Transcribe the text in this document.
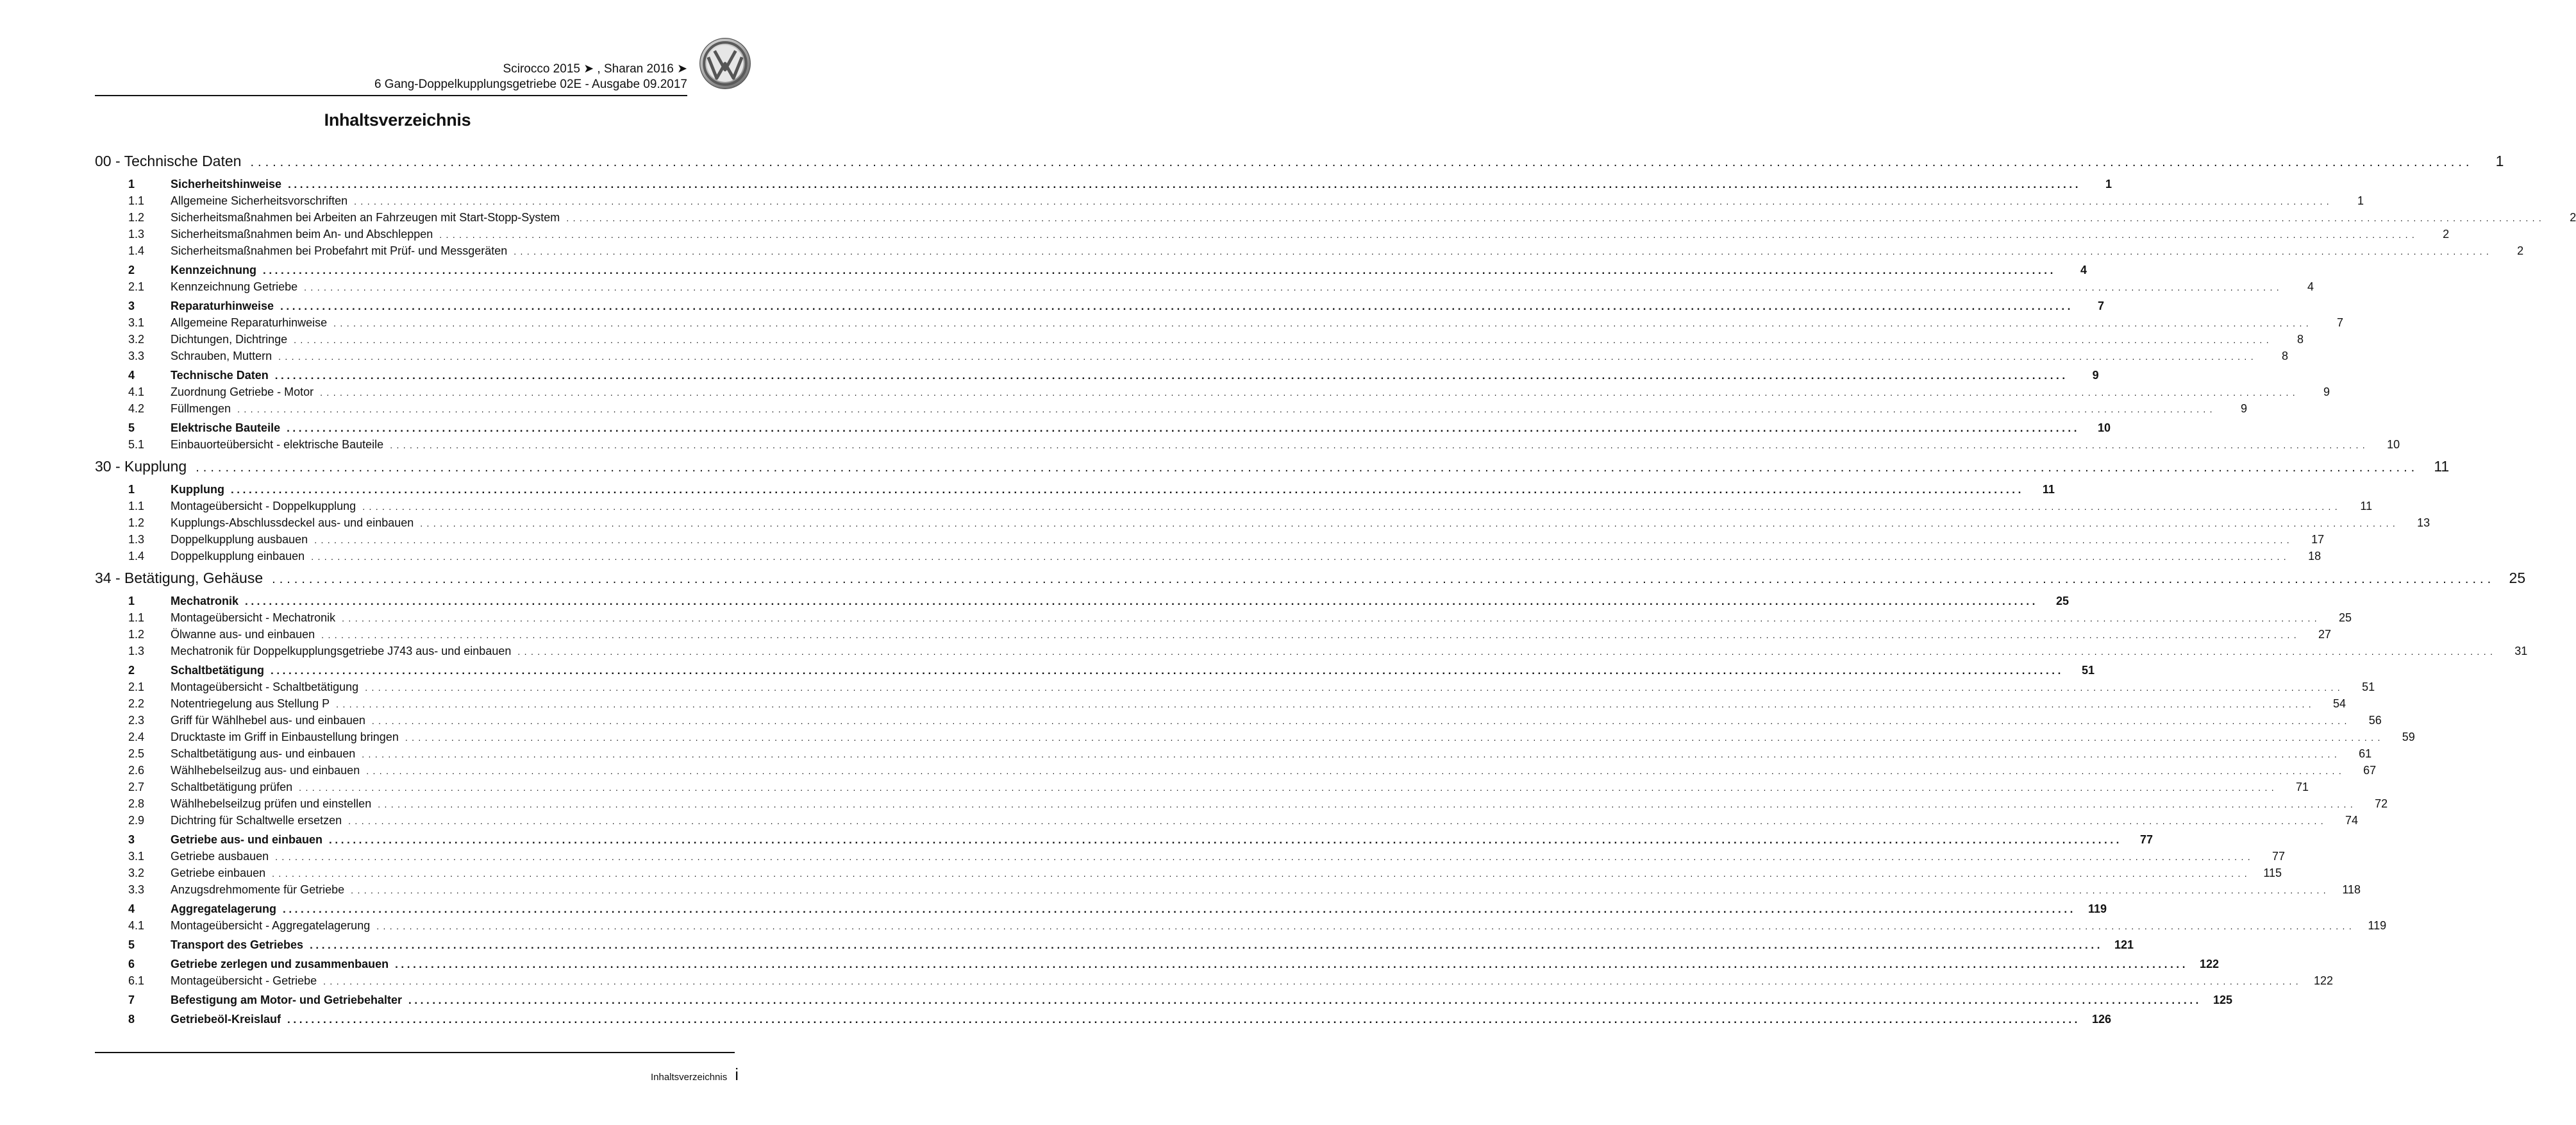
Scirocco 2015 ➤ , Sharan 2016 ➤
6 Gang-Doppelkupplungsgetriebe 02E - Ausgabe 09.2017
Inhaltsverzeichnis
00 - Technische Daten ............................................................................................................................................................................................................................................................................................................	1
1	Sicherheitshinweise ............................................................................................................................................................................................................................................................................................................	1
1.1	Allgemeine Sicherheitsvorschriften ............................................................................................................................................................................................................................................................................................................	1
1.2	Sicherheitsmaßnahmen bei Arbeiten an Fahrzeugen mit Start-Stopp-System ............................................................................................................................................................................................................................................................................................................	2
1.3	Sicherheitsmaßnahmen beim An- und Abschleppen ............................................................................................................................................................................................................................................................................................................	2
1.4	Sicherheitsmaßnahmen bei Probefahrt mit Prüf- und Messgeräten ............................................................................................................................................................................................................................................................................................................	2
2	Kennzeichnung ............................................................................................................................................................................................................................................................................................................	4
2.1	Kennzeichnung Getriebe ............................................................................................................................................................................................................................................................................................................	4
3	Reparaturhinweise ............................................................................................................................................................................................................................................................................................................	7
3.1	Allgemeine Reparaturhinweise ............................................................................................................................................................................................................................................................................................................	7
3.2	Dichtungen, Dichtringe ............................................................................................................................................................................................................................................................................................................	8
3.3	Schrauben, Muttern ............................................................................................................................................................................................................................................................................................................	8
4	Technische Daten ............................................................................................................................................................................................................................................................................................................	9
4.1	Zuordnung Getriebe - Motor ............................................................................................................................................................................................................................................................................................................	9
4.2	Füllmengen ............................................................................................................................................................................................................................................................................................................	9
5	Elektrische Bauteile ............................................................................................................................................................................................................................................................................................................	10
5.1	Einbauorteübersicht - elektrische Bauteile ............................................................................................................................................................................................................................................................................................................	10
30 - Kupplung ............................................................................................................................................................................................................................................................................................................	11
1	Kupplung ............................................................................................................................................................................................................................................................................................................	11
1.1	Montageübersicht - Doppelkupplung ............................................................................................................................................................................................................................................................................................................	11
1.2	Kupplungs-Abschlussdeckel aus- und einbauen ............................................................................................................................................................................................................................................................................................................	13
1.3	Doppelkupplung ausbauen ............................................................................................................................................................................................................................................................................................................	17
1.4	Doppelkupplung einbauen ............................................................................................................................................................................................................................................................................................................	18
34 - Betätigung, Gehäuse ............................................................................................................................................................................................................................................................................................................ 25
1	Mechatronik ............................................................................................................................................................................................................................................................................................................	25
1.1	Montageübersicht - Mechatronik ............................................................................................................................................................................................................................................................................................................	25
1.2	Ölwanne aus- und einbauen ............................................................................................................................................................................................................................................................................................................	27
1.3	Mechatronik für Doppelkupplungsgetriebe J743 aus- und einbauen ............................................................................................................................................................................................................................................................................................................	31
2	Schaltbetätigung ............................................................................................................................................................................................................................................................................................................	51
2.1	Montageübersicht - Schaltbetätigung ............................................................................................................................................................................................................................................................................................................	51
2.2	Notentriegelung aus Stellung P ............................................................................................................................................................................................................................................................................................................	54
2.3	Griff für Wählhebel aus- und einbauen ............................................................................................................................................................................................................................................................................................................	56
2.4	Drucktaste im Griff in Einbaustellung bringen ............................................................................................................................................................................................................................................................................................................	59
2.5	Schaltbetätigung aus- und einbauen ............................................................................................................................................................................................................................................................................................................	61
2.6	Wählhebelseilzug aus- und einbauen ............................................................................................................................................................................................................................................................................................................	67
2.7	Schaltbetätigung prüfen ............................................................................................................................................................................................................................................................................................................	71
2.8	Wählhebelseilzug prüfen und einstellen ............................................................................................................................................................................................................................................................................................................	72
2.9	Dichtring für Schaltwelle ersetzen ............................................................................................................................................................................................................................................................................................................	74
3	Getriebe aus- und einbauen ............................................................................................................................................................................................................................................................................................................	77
3.1	Getriebe ausbauen ............................................................................................................................................................................................................................................................................................................	77
3.2	Getriebe einbauen ............................................................................................................................................................................................................................................................................................................	115
3.3	Anzugsdrehmomente für Getriebe ............................................................................................................................................................................................................................................................................................................	118
4	Aggregatelagerung ............................................................................................................................................................................................................................................................................................................	119
4.1	Montageübersicht - Aggregatelagerung ............................................................................................................................................................................................................................................................................................................	119
5	Transport des Getriebes ............................................................................................................................................................................................................................................................................................................ 121
6	Getriebe zerlegen und zusammenbauen ............................................................................................................................................................................................................................................................................................................ 122
6.1	Montageübersicht - Getriebe ............................................................................................................................................................................................................................................................................................................ 122
7	Befestigung am Motor- und Getriebehalter ............................................................................................................................................................................................................................................................................................................ 125
8	Getriebeöl-Kreislauf ............................................................................................................................................................................................................................................................................................................ 126
Inhaltsverzeichnis i
